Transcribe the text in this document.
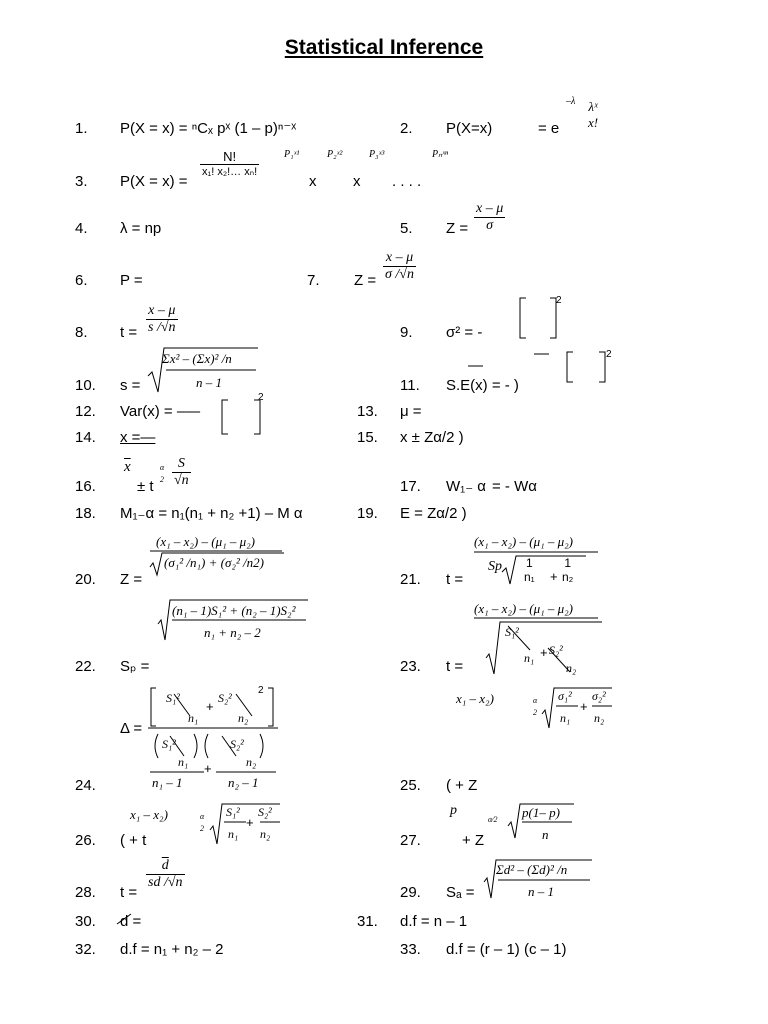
Statistical Inference
1. P(X = x) = ⁿCₓ pˣ (1 – p)ⁿ⁻ˣ	2. P(X=x)	= e
–λ λˣ
x!
N!
x₁! x₂!… xₙ!
P₁ˣ¹	P₂ˣ²	P₃ˣ³	Pₙˣⁿ
3. P(X = x) =	x x . . . .
4. λ = np	5. $Z = \frac{x - \mu}{\sigma}$
6. P =	7. $Z = \frac{x - \mu}{\sigma /√n}$
$\frac{x - \mu}{s /√n}$
8. t =	9. σ² = -
2
Σx² – (Σx)² /n
n – 1
10. s =	11. S.E(x) = - )
—
—	2
12. Var(x) = –—
2
13. μ =
14. x =—	15. x ± Zα/2 )
$\overline{x}$	α
$2 \frac{S}{√n}$
16.	± t	17. W₁₋ α = - Wα
18. M₁₋α = n₁(n₁ + n₂ +1) – M α	19. E = Zα/2 )
(x₁ – x₂) – (μ₁ – μ₂)
(σ₁² /n₁) + (σ₂² /n2)
20. Z =
(x₁ – x₂) – (μ₁ – μ₂)
Sp	1
n₁ +
1
n₂
21. t =
(n₁ – 1)S₁² + (n₂ – 1)S₂²
n₁ + n₂ – 2
22. Sₚ =
(x₁ – x₂) – (μ₁ – μ₂)
S₁²
n₁ + S₂²
n₂
23. t =
S₁²
n₁
+
S₂²
n₂
2
Δ =
S₁²
n₁ +
S₂²
n₂
n₁ – 1	n₂ – 1
24.
x₁ – x₂)	α
2
σ₁²
n₁
+
σ₂²
n₂
25. ( + Z
x₁ – x₂)	α
2
S₁²
n₁
+
S₂²
n₂
26. ( + t
p
α⁄2 p(1– p)
n
27.	+ Z
$\frac{\overline{d}}{sd /√n}$
28. t =
Σd² – (Σd)² /n
n – 1
29. Sₐ =
30. d =	31. d.f = n – 1
32. d.f = n₁ + n₂ – 2	33. d.f = (r – 1) (c – 1)
